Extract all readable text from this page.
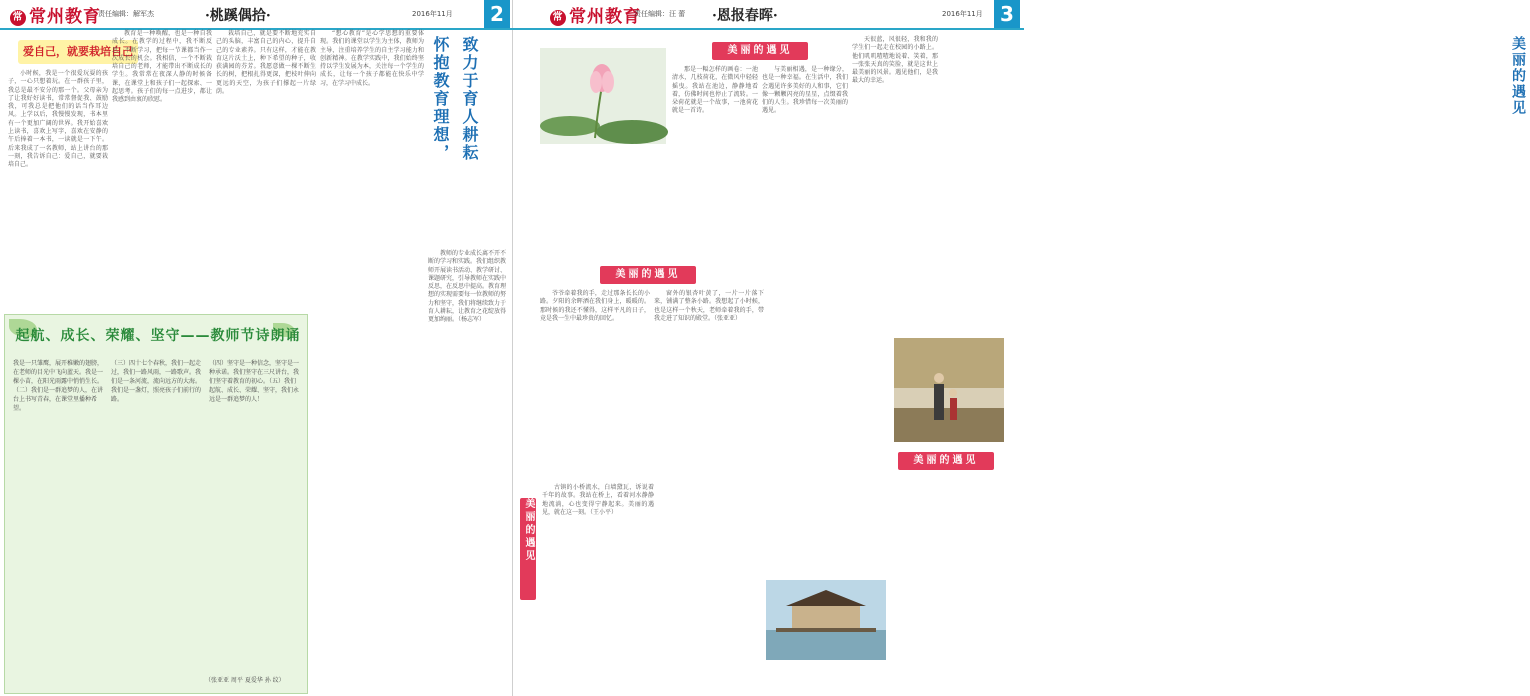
常 常州教育
责任编辑：解军杰	·桃蹊偶拾·	2016年11月	2
爱自己，就要栽培自己

小时候，我是一个很爱玩耍的孩子，一心只想着玩。在一群孩子里，我总是最不安分的那一个。父母亲为了让我好好读书，常常督促我、鼓励我，可我总是把他们的话当作耳边风。上学以后，我慢慢发现，书本里有一个更加广阔的世界。我开始喜欢上读书，喜欢上写字，喜欢在安静的午后捧着一本书，一读就是一下午。后来我成了一名教师，站上讲台的那一刻，我告诉自己：爱自己，就要栽培自己。

教育是一种唤醒，也是一种自我成长。在教学的过程中，我不断反思，不断学习，把每一节课都当作一次成长的机会。我相信，一个不断栽培自己的老师，才能带出不断成长的学生。我常常在夜深人静的时候备课，在课堂上和孩子们一起探索、一起思考。孩子们的每一点进步，都让我感到由衷的欣慰。

栽培自己，就是要不断地充实自己的头脑，丰富自己的内心，提升自己的专业素养。只有这样，才能在教育这片沃土上，种下希望的种子，收获满园的芬芳。我愿意做一棵不断生长的树，把根扎得更深，把枝叶伸向更远的天空，为孩子们撑起一片绿荫。

“想心教育”是心学思想的重要体现。我们的课堂以学生为主体，教师为主导，注重培养学生的自主学习能力和创新精神。在教学实践中，我们始终坚持以学生发展为本，关注每一个学生的成长，让每一个孩子都能在快乐中学习，在学习中成长。

教师的专业成长离不开不断的学习和实践。我们组织教师开展读书活动、教学研讨、课题研究，引导教师在实践中反思，在反思中提高。教育理想的实现需要每一位教师的努力和坚守，我们将继续致力于育人耕耘，让教育之花绽放得更加绚丽。（杨志军）

怀抱教育理想， 致力于育人耕耘
起航、成长、荣耀、坚守——教师节诗朗诵

我是一只雏鹰，展开稚嫩的翅膀，在老师的目光中飞向蓝天。我是一棵小苗，在阳光雨露中悄悄生长。（二）我们是一群追梦的人，在讲台上书写青春，在课堂里播种希望。

（三）四十七个春秋，我们一起走过，我们一路风雨，一路歌声。我们是一条河流，流向远方的大海。我们是一盏灯，照亮孩子们前行的路。

（四）坚守是一种信念，坚守是一种承诺。我们坚守在三尺讲台，我们坚守着教育的初心。（五）我们起航、成长、荣耀、坚守，我们永远是一群追梦的人！

（张亚亚 周平 夏爱华 孙 纹）
常 常州教育
责任编辑：汪 蕾 ·恩报春晖·	2016年11月 3
美丽的遇见

那是一幅怎样的画卷：一池清水，几枝荷花，在微风中轻轻摇曳。我站在池边，静静地看着，仿佛时间也停止了流转。一朵荷花就是一个故事，一池荷花就是一首诗。

与美丽相遇，是一种缘分，也是一种幸福。在生活中，我们会遇见许多美好的人和事，它们像一颗颗闪亮的星星，点缀着我们的人生。我珍惜每一次美丽的遇见。

天很蓝，风很轻，我和我的学生们一起走在校园的小路上。他们叽叽喳喳地说着、笑着，那一张张天真的笑脸，就是这世上最美丽的风景。遇见他们，是我最大的幸运。

美丽的遇见

爷爷牵着我的手，走过那条长长的小路。夕阳的余晖洒在我们身上，暖暖的。那时候的我还不懂得，这样平凡的日子，竟是我一生中最珍贵的回忆。

窗外的银杏叶黄了，一片一片落下来，铺满了整条小路。我想起了小时候，也是这样一个秋天，老师牵着我的手，带我走进了知识的殿堂。（张亚亚）

美丽的遇见

古镇的小桥流水，白墙黛瓦，诉说着千年的故事。我站在桥上，看着河水静静地流淌，心也变得宁静起来。美丽的遇见，就在这一刻。（王小平）

美丽的遇见
美丽的遇见
